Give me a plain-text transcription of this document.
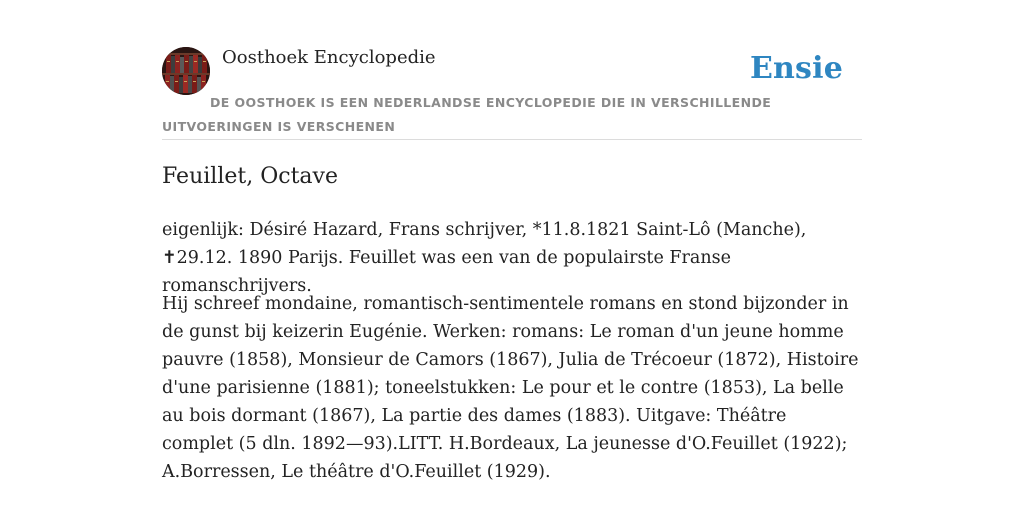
Oosthoek Encyclopedie	Ensie
DE OOSTHOEK IS EEN NEDERLANDSE ENCYCLOPEDIE DIE IN VERSCHILLENDE UITVOERINGEN IS VERSCHENEN
Feuillet, Octave

eigenlijk: Désiré Hazard, Frans schrijver, *11.8.1821 Saint-Lô (Manche), ✝29.12. 1890 Parijs. Feuillet was een van de populairste Franse romanschrijvers.

Hij schreef mondaine, romantisch-sentimentele romans en stond bijzonder in de gunst bij keizerin Eugénie. Werken: romans: Le roman d'un jeune homme pauvre (1858), Monsieur de Camors (1867), Julia de Trécoeur (1872), Histoire d'une parisienne (1881); toneelstukken: Le pour et le contre (1853), La belle au bois dormant (1867), La partie des dames (1883). Uitgave: Théâtre complet (5 dln. 1892—93).LITT. H.Bordeaux, La jeunesse d'O.Feuillet (1922); A.Borressen, Le théâtre d'O.Feuillet (1929).
